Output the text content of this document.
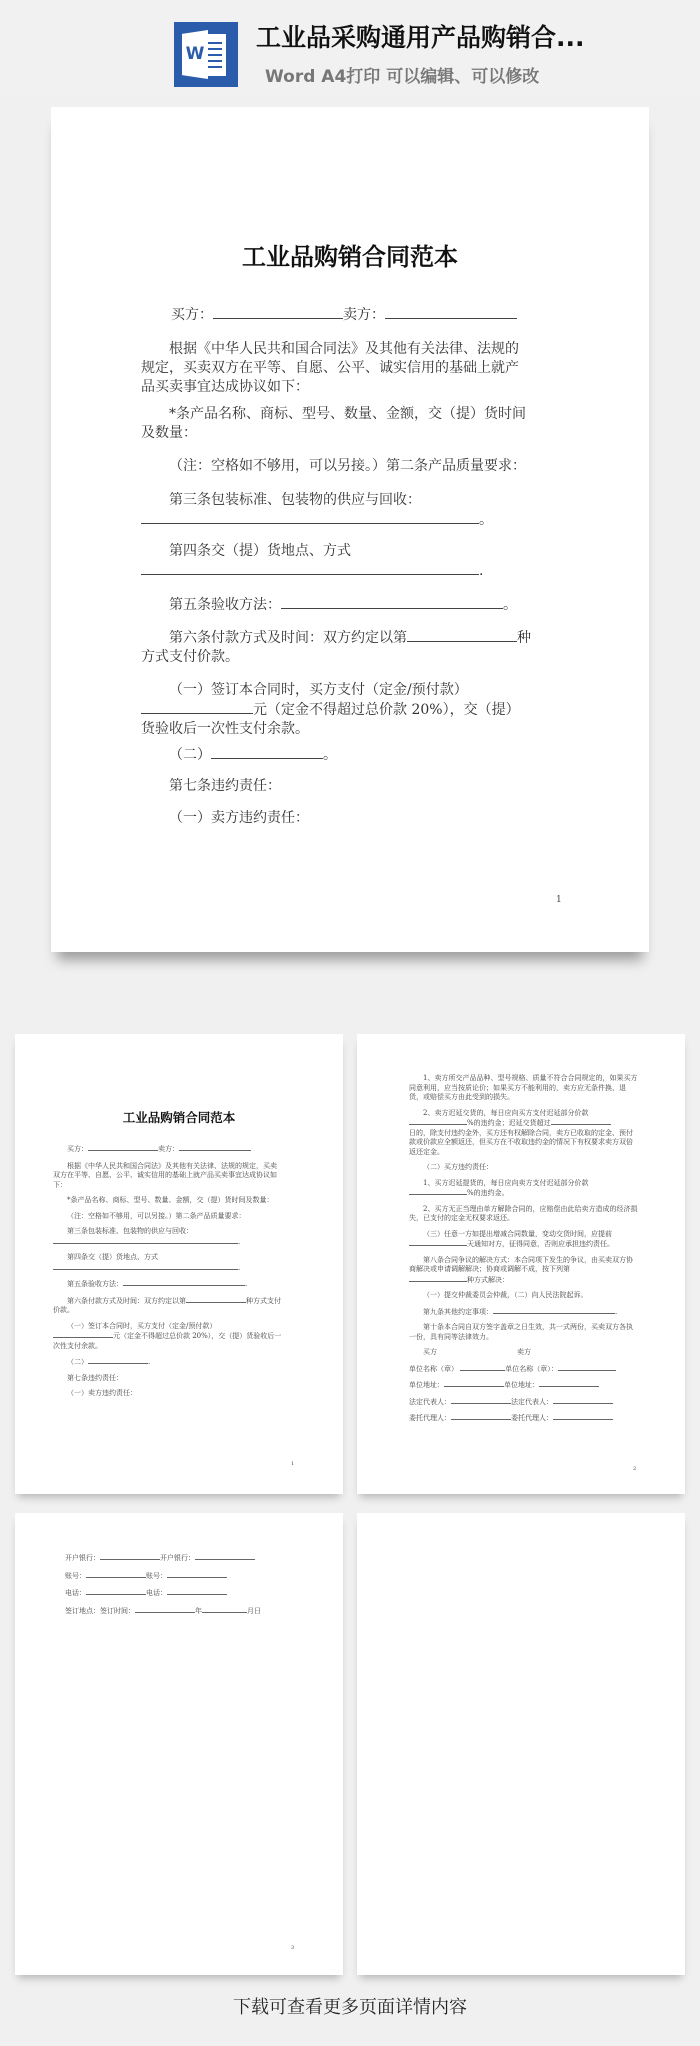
W
工业品采购通用产品购销合...
Word A4打印 可以编辑、可以修改
工业品购销合同范本
买方：	卖方：

根据《中华人民共和国合同法》及其他有关法律、法规的规定，买卖双方在平等、自愿、公平、诚实信用的基础上就产品买卖事宜达成协议如下：

*条产品名称、商标、型号、数量、金额，交（提）货时间及数量：

（注：空格如不够用，可以另接。）第二条产品质量要求：

第三条包装标准、包装物的供应与回收：

。

第四条交（提）货地点、方式

.

第五条验收方法：	。

第六条付款方式及时间：双方约定以第	种方式支付价款。

（一）签订本合同时，买方支付（定金/预付款）

元（定金不得超过总价款 20%），交（提）货验收后一次性支付余款。

（二）	。

第七条违约责任：

（一）卖方违约责任：

1
工业品购销合同范本

买方：	卖方：

根据《中华人民共和国合同法》及其他有关法律、法规的规定，买卖双方在平等、自愿、公平、诚实信用的基础上就产品买卖事宜达成协议如下：

*条产品名称、商标、型号、数量、金额，交（提）货时间及数量：

（注：空格如不够用，可以另接。）第二条产品质量要求：

第三条包装标准、包装物的供应与回收：

.

第四条交（提）货地点、方式

.

第五条验收方法：	.

第六条付款方式及时间：双方约定以第	种方式支付价款。

（一）签订本合同时，买方支付（定金/预付款）

元（定金不得超过总价款 20%），交（提）货验收后一次性支付余款。

（二）	.

第七条违约责任：

（一）卖方违约责任：

1

1、卖方所交产品品种、型号规格、质量不符合合同规定的，如果买方同意利用，应当按质论价；如果买方不能利用的，卖方应无条件换、退货，或赔偿买方由此受到的损失。

2、卖方迟延交货的，每日应向买方支付迟延部分价款

%的违约金；迟延交货超过
日的，除支付违约金外，买方还有权解除合同，卖方已收取的定金、预付款或价款应全额返还，但买方在不收取违约金的情况下有权要求卖方双倍返还定金。

（二）买方违约责任：

1、买方迟延提货的，每日应向卖方支付迟延部分价款

%的违约金。

2、买方无正当理由单方解除合同的，应赔偿由此给卖方造成的经济损失，已支付的定金无权要求返还。

（三）任意一方如提出增减合同数量，变动交货时间，应提前

天通知对方，征得同意，否则应承担违约责任。

第八条合同争议的解决方式：本合同项下发生的争议，由买卖双方协商解决或申请调解解决；协商或调解不成，按下列第

种方式解决：

（一）提交仲裁委员会仲裁，（二）向人民法院起诉。

第九条其他约定事项：	.

第十条本合同自双方签字盖章之日生效，共一式两份，买卖双方各执一份，具有同等法律效力。

买方	卖方

单位名称（章）	单位名称（章）：
单位地址：	单位地址：
法定代表人：	法定代表人：
委托代理人：	委托代理人：
2
开户银行：	开户银行：
账号：	账号：
电话：	电话：
签订地点：签订时间：	年	月日
3
下载可查看更多页面详情内容
